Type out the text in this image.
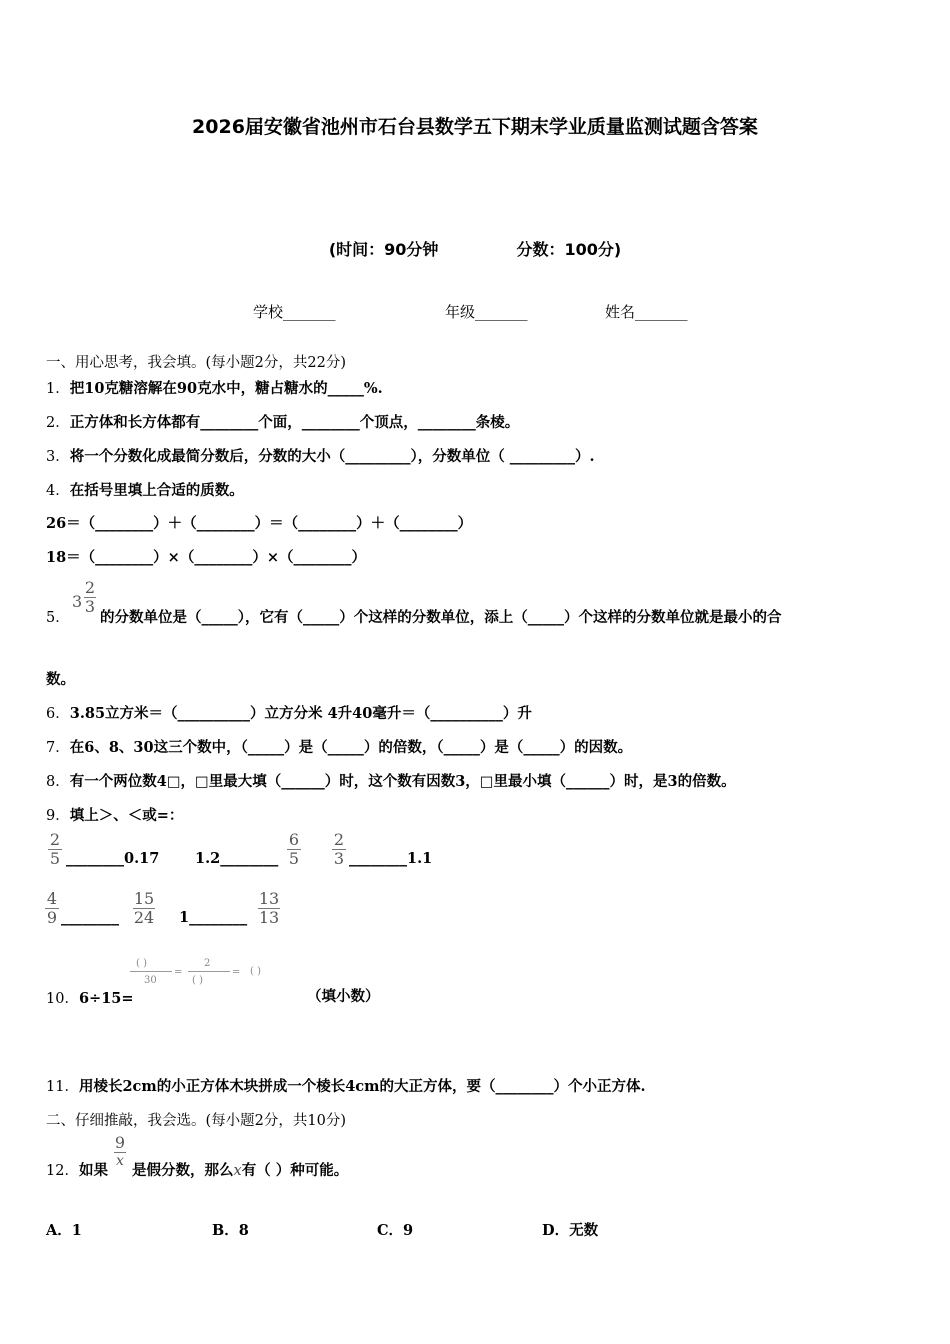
2026届安徽省池州市石台县数学五下期末学业质量监测试题含答案
(时间：90分钟	分数：100分)
学校_______	年级_______	姓名_______
一、用心思考，我会填。(每小题2分，共22分)
1．把10克糖溶解在90克水中，糖占糖水的_____%.
2．正方体和长方体都有________个面，________个顶点，________条棱。
3．将一个分数化成最简分数后，分数的大小（_________），分数单位（ _________）.
4．在括号里填上合适的质数。
26＝（________）＋（________）＝（________）＋（________）
18＝（________）×（________）×（________）
5．
3
2
3
的分数单位是（_____），它有（_____）个这样的分数单位，添上（_____）个这样的分数单位就是最小的合
数。
6．3.85立方米＝（__________）立方分米 4升40毫升＝（__________）升
7．在6、8、30这三个数中，（_____）是（_____）的倍数，（_____）是（_____）的因数。
8．有一个两位数4□，□里最大填（______）时，这个数有因数3，□里最小填（______）时，是3的倍数。
9．填上＞、＜或=：
2
5 ________0.17 1.2________
6
5
2
3 ________1.1
4
9 ________
15
24 1________
13
13
10．6÷15=
( )
30
=
2
( )
= ( )
（填小数）
11．用棱长2cm的小正方体木块拼成一个棱长4cm的大正方体，要（________）个小正方体.
二、仔细推敲，我会选。(每小题2分，共10分)
12．如果
9
x
是假分数，那么x有（ ）种可能。
A．1	B．8	C．9	D．无数
